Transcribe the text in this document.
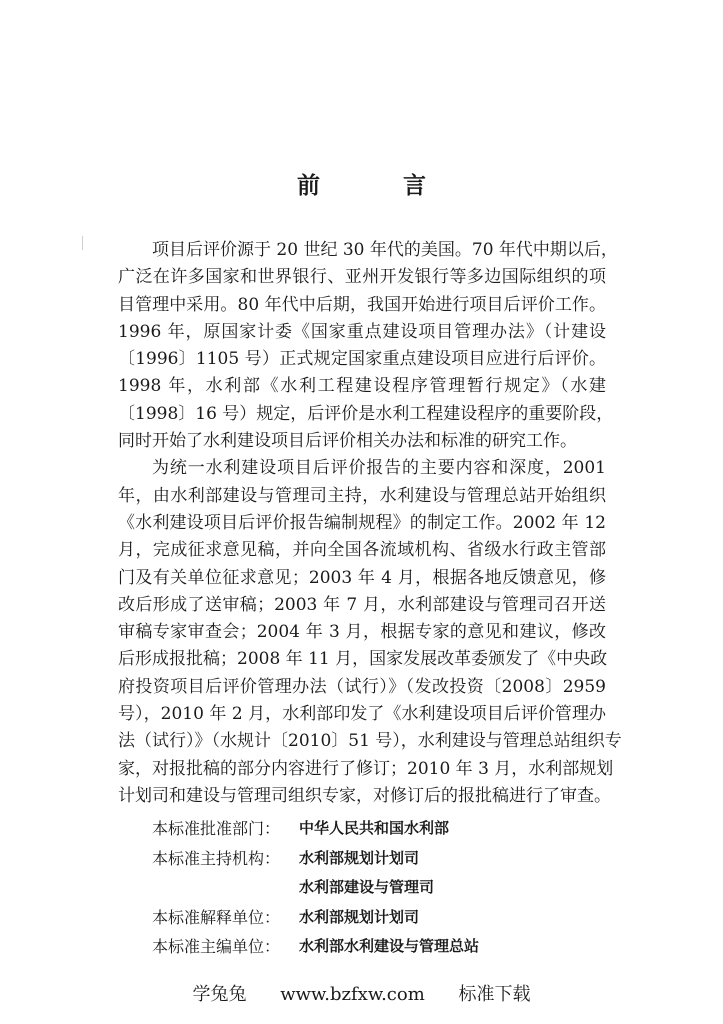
前　言
项目后评价源于 20 世纪 30 年代的美国。70 年代中期以后，
广泛在许多国家和世界银行、亚州开发银行等多边国际组织的项
目管理中采用。80 年代中后期，我国开始进行项目后评价工作。
1996 年，原国家计委《国家重点建设项目管理办法》（计建设
〔1996〕1105 号）正式规定国家重点建设项目应进行后评价。
1998 年，水利部《水利工程建设程序管理暂行规定》（水建
〔1998〕16 号）规定，后评价是水利工程建设程序的重要阶段，
同时开始了水利建设项目后评价相关办法和标准的研究工作。
为统一水利建设项目后评价报告的主要内容和深度，2001
年，由水利部建设与管理司主持，水利建设与管理总站开始组织
《水利建设项目后评价报告编制规程》的制定工作。2002 年 12
月，完成征求意见稿，并向全国各流域机构、省级水行政主管部
门及有关单位征求意见；2003 年 4 月，根据各地反馈意见，修
改后形成了送审稿；2003 年 7 月，水利部建设与管理司召开送
审稿专家审查会；2004 年 3 月，根据专家的意见和建议，修改
后形成报批稿；2008 年 11 月，国家发展改革委颁发了《中央政
府投资项目后评价管理办法（试行）》（发改投资〔2008〕2959
号），2010 年 2 月，水利部印发了《水利建设项目后评价管理办
法（试行）》（水规计〔2010〕51 号），水利建设与管理总站组织专
家，对报批稿的部分内容进行了修订；2010 年 3 月，水利部规划
计划司和建设与管理司组织专家，对修订后的报批稿进行了审查。
本标准批准部门：	中华人民共和国水利部
本标准主持机构：	水利部规划计划司
水利部建设与管理司
本标准解释单位：	水利部规划计划司
本标准主编单位：	水利部水利建设与管理总站
学兔兔 www.bzfxw.com 标准下载
